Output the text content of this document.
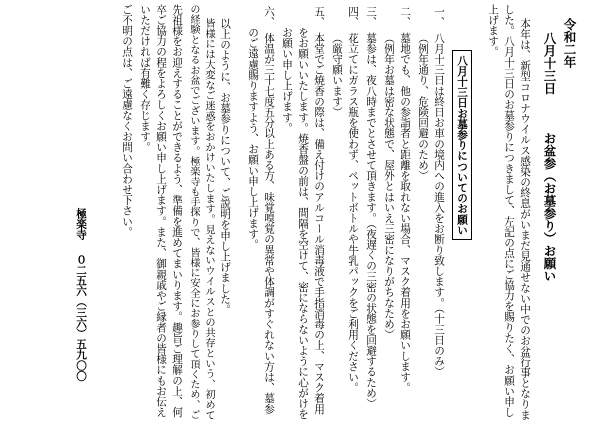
令和二年
八月十三日
お盆参（お墓参り）お願い
本年は、新型コロナウイルス感染の終息がいまだ見通せない中でのお盆行事となりま
した。八月十三日のお墓参りにつきまして、左記の点にご協力を賜りたく、お願い申し
上げます。
八月十三日お墓参りについてのお願い
一、　八月十三日は終日お車の境内への進入をお断り致します。（十三日のみ）
　　　（例年通り、危険回避のため）
二、　墓地でも、他の参詣者と距離を取れない場合、マスク着用をお願いします。
　　　（例年お墓は密な状態で、屋外とはいえ三密になりがちなため）
三、　墓参は、夜八時までとさせて頂きます。（夜遅くの三密の状態を回避するため）
四、　花立てにガラス瓶を使わず、ペットボトルや牛乳パックをご利用ください。
　　　（厳守願います）
五、　本堂でご焼香の際は、備え付けのアルコール消毒液で手指消毒の上、マスク着用
　　をお願いいたします。焼香盤の前は、間隔を空けて、密にならないように心がけを
　　お願い申し上げます。
六、　体温が三十七度五分以上ある方、味覚嗅覚の異常や体調がすぐれない方は、墓参
　　のご遠慮賜りますよう、お願い申し上げます。
以上のように、お墓参りについて、ご説明を申し上げました。
皆様には大変なご迷惑をおかけいたします。見えないウイルスとの共存という、初めて
の経験となるお盆でございます。極楽寺も手探りで、皆様に安全にお参りして頂くため、ご
先祖様をお迎えすることができるよう、準備を進めてまいります。趣旨ご理解の上、何
卒ご協力の程をよろしくお願い申し上げます。また、御親戚やご縁者の皆様にもお伝え
いただければ有難く存じます。
ご不明の点は、ご遠慮なくお問い合わせ下さい。
極楽寺
０二五六（三六）五九〇〇
